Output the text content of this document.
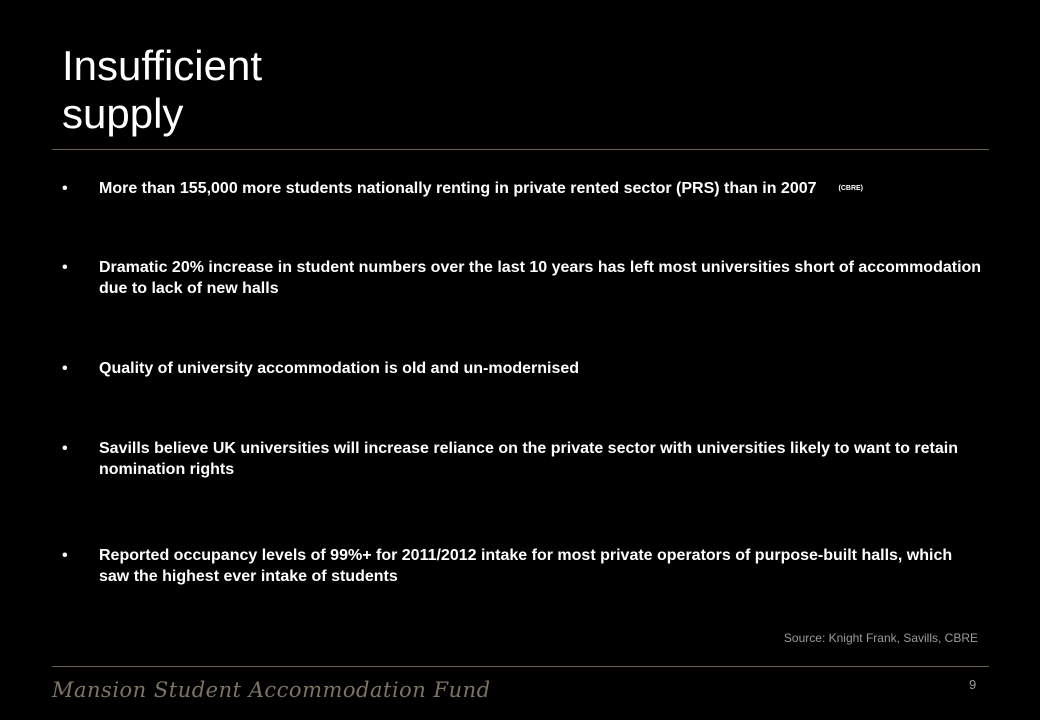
Insufficient
supply
•	More than 155,000 more students nationally renting in private rented sector (PRS) than in 2007	(CBRE)
•	Dramatic 20% increase in student numbers over the last 10 years has left most universities short of accommodation due to lack of new halls
•	Quality of university accommodation is old and un-modernised
•	Savills believe UK universities will increase reliance on the private sector with universities likely to want to retain nomination rights
•	Reported occupancy levels of 99%+ for 2011/2012 intake for most private operators of purpose-built halls, which saw the highest ever intake of students
Source: Knight Frank, Savills, CBRE
Mansion Student Accommodation Fund	9
